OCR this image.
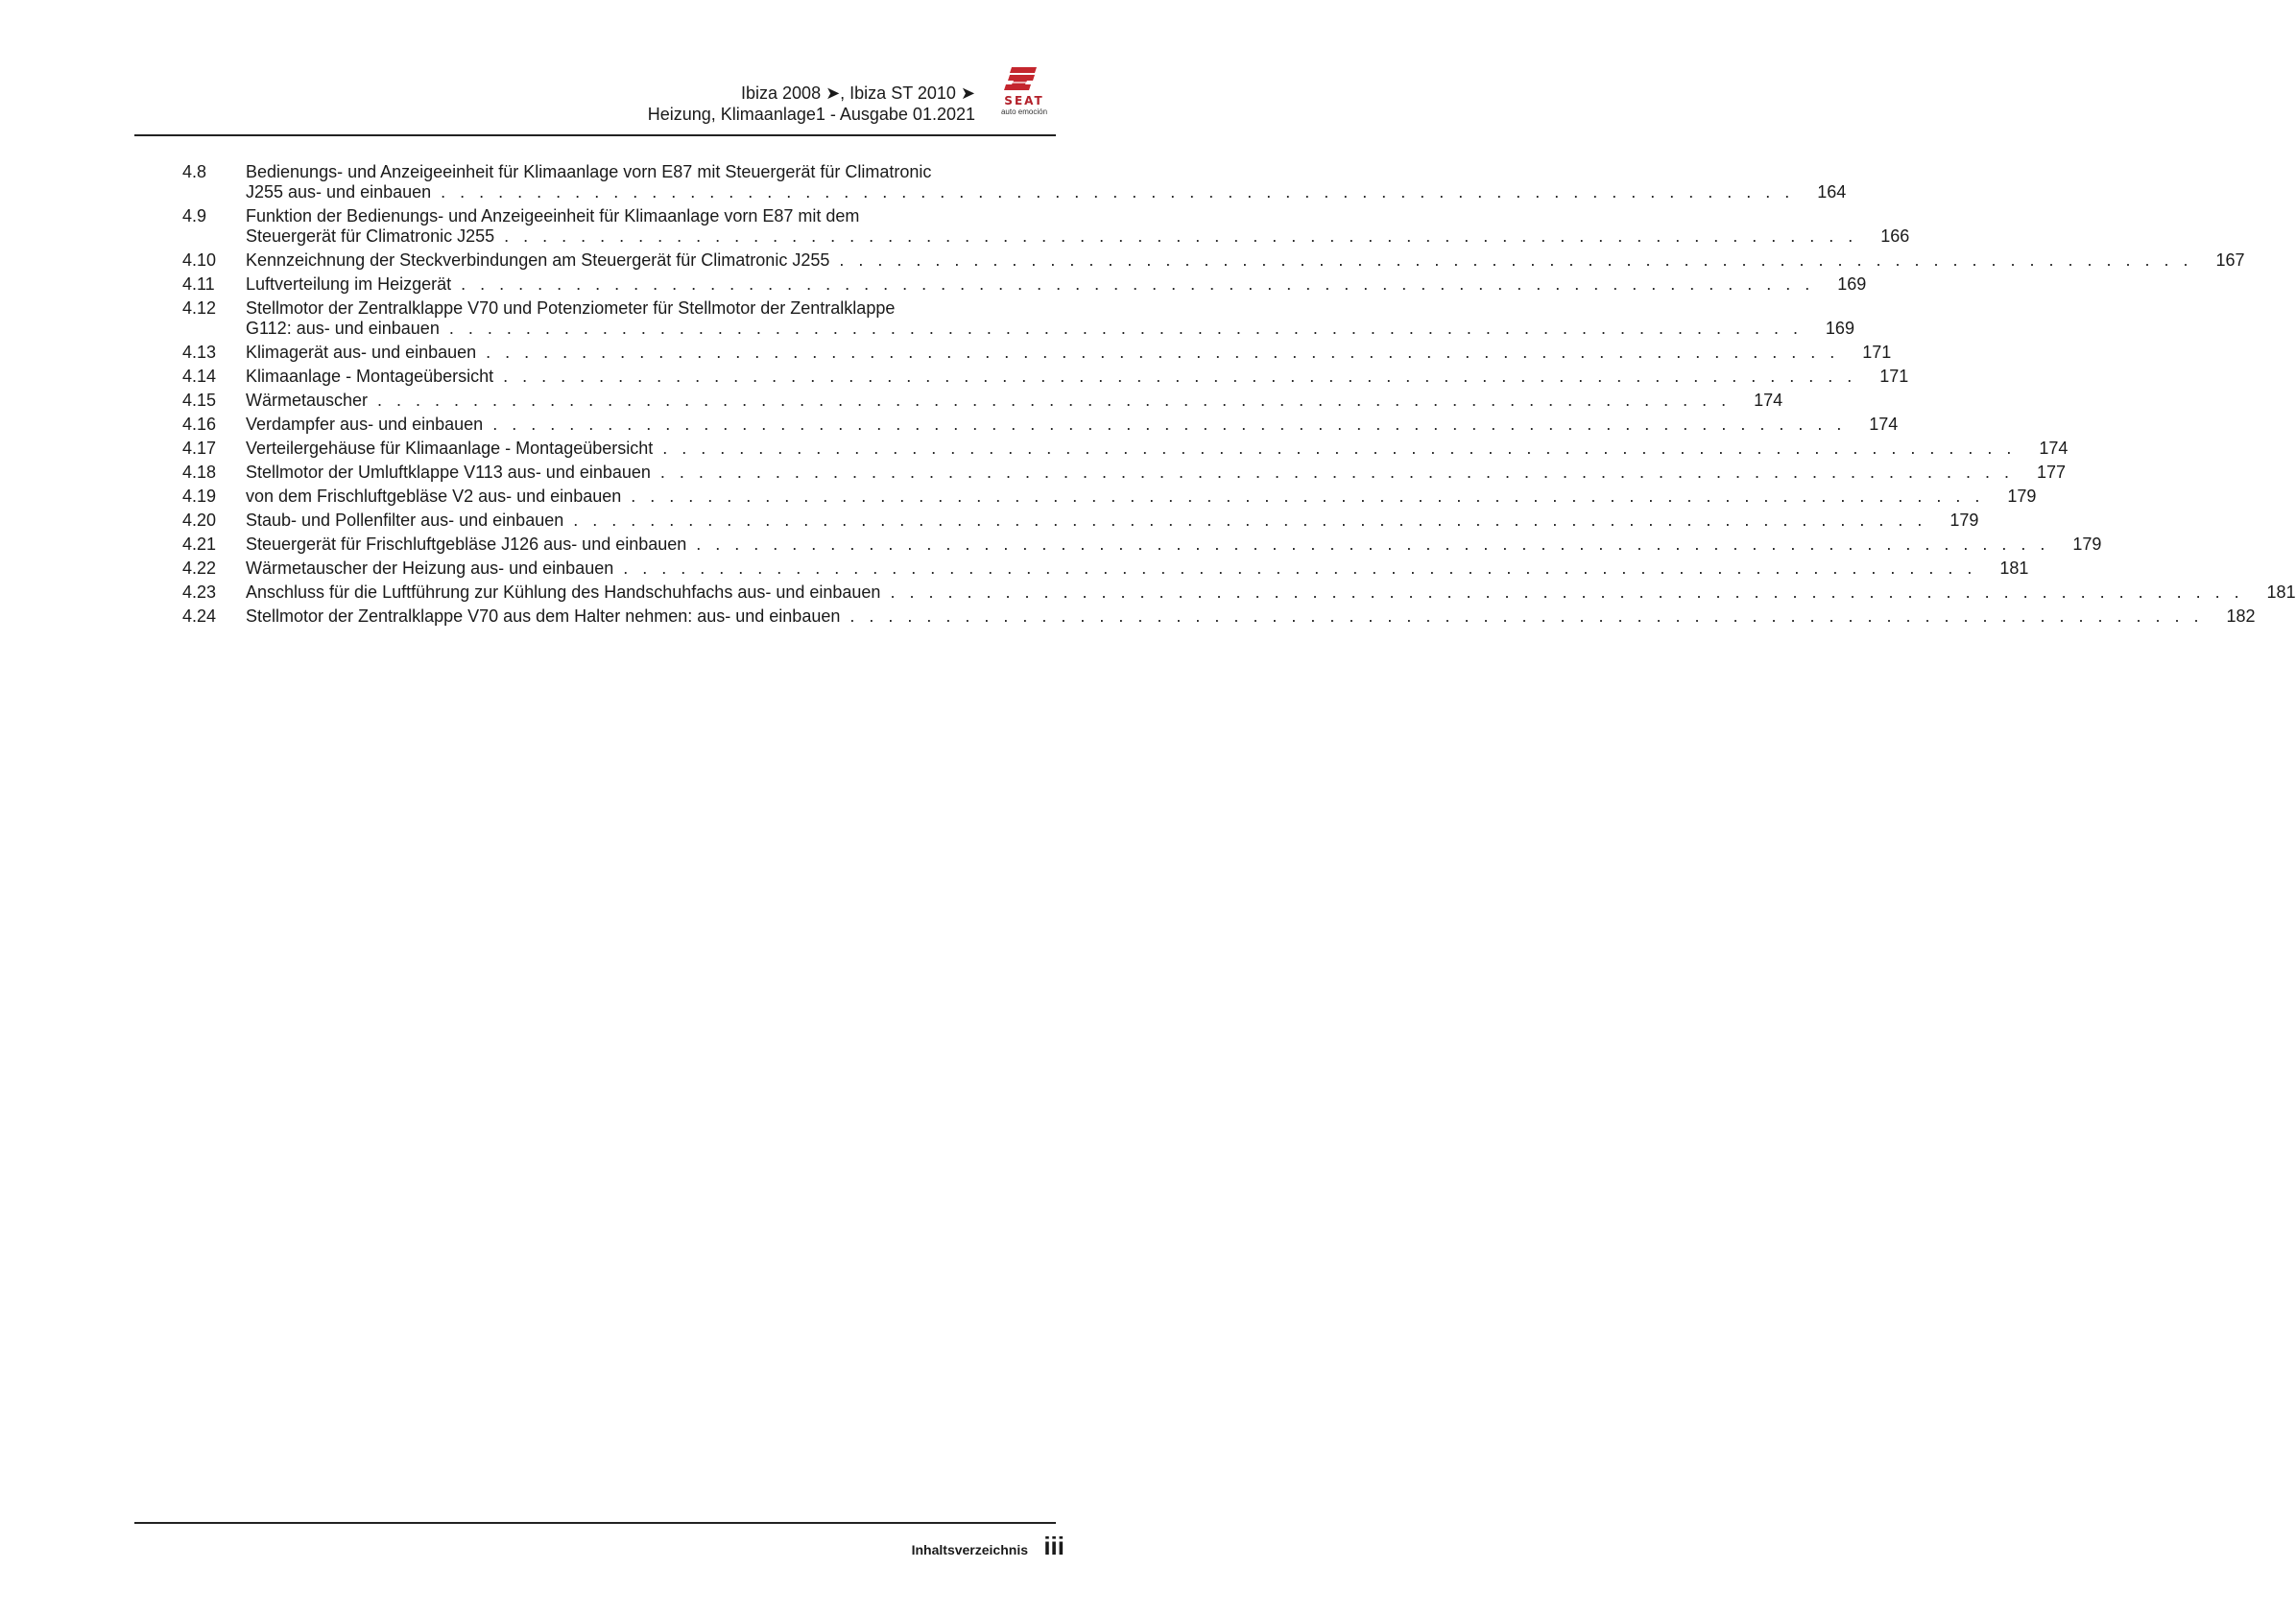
Ibiza 2008 ➤, Ibiza ST 2010 ➤
Heizung, Klimaanlage1 - Ausgabe 01.2021
SEAT
auto emoción
4.8	Bedienungs- und Anzeigeeinheit für Klimaanlage vorn E87 mit Steuergerät für Climatronic
J255 aus- und einbauen . . . . . . . . . . . . . . . . . . . . . . . . . . . . . . . . . . . . . . . . . . . . . . . . . . . . . . . . . . . . . . . . . . . . . . .	164
4.9	Funktion der Bedienungs- und Anzeigeeinheit für Klimaanlage vorn E87 mit dem
Steuergerät für Climatronic J255 . . . . . . . . . . . . . . . . . . . . . . . . . . . . . . . . . . . . . . . . . . . . . . . . . . . . . . . . . . . . . . . . . . . . . . .	166
4.10	Kennzeichnung der Steckverbindungen am Steuergerät für Climatronic J255 . . . . . . . . . . . . . . . . . . . . . . . . . . . . . . . . . . . . . . . . . . . . . . . . . . . . . . . . . . . . . . . . . . . . . . .	167
4.11	Luftverteilung im Heizgerät . . . . . . . . . . . . . . . . . . . . . . . . . . . . . . . . . . . . . . . . . . . . . . . . . . . . . . . . . . . . . . . . . . . . . . .	169
4.12	Stellmotor der Zentralklappe V70 und Potenziometer für Stellmotor der Zentralklappe
G112: aus- und einbauen . . . . . . . . . . . . . . . . . . . . . . . . . . . . . . . . . . . . . . . . . . . . . . . . . . . . . . . . . . . . . . . . . . . . . . .	169
4.13	Klimagerät aus- und einbauen . . . . . . . . . . . . . . . . . . . . . . . . . . . . . . . . . . . . . . . . . . . . . . . . . . . . . . . . . . . . . . . . . . . . . . .	171
4.14	Klimaanlage - Montageübersicht . . . . . . . . . . . . . . . . . . . . . . . . . . . . . . . . . . . . . . . . . . . . . . . . . . . . . . . . . . . . . . . . . . . . . . .	171
4.15	Wärmetauscher . . . . . . . . . . . . . . . . . . . . . . . . . . . . . . . . . . . . . . . . . . . . . . . . . . . . . . . . . . . . . . . . . . . . . . .	174
4.16	Verdampfer aus- und einbauen . . . . . . . . . . . . . . . . . . . . . . . . . . . . . . . . . . . . . . . . . . . . . . . . . . . . . . . . . . . . . . . . . . . . . . .	174
4.17	Verteilergehäuse für Klimaanlage - Montageübersicht . . . . . . . . . . . . . . . . . . . . . . . . . . . . . . . . . . . . . . . . . . . . . . . . . . . . . . . . . . . . . . . . . . . . . . .	174
4.18	Stellmotor der Umluftklappe V113 aus- und einbauen . . . . . . . . . . . . . . . . . . . . . . . . . . . . . . . . . . . . . . . . . . . . . . . . . . . . . . . . . . . . . . . . . . . . . . .	177
4.19	von dem Frischluftgebläse V2 aus- und einbauen . . . . . . . . . . . . . . . . . . . . . . . . . . . . . . . . . . . . . . . . . . . . . . . . . . . . . . . . . . . . . . . . . . . . . . .	179
4.20	Staub- und Pollenfilter aus- und einbauen . . . . . . . . . . . . . . . . . . . . . . . . . . . . . . . . . . . . . . . . . . . . . . . . . . . . . . . . . . . . . . . . . . . . . . .	179
4.21	Steuergerät für Frischluftgebläse J126 aus- und einbauen . . . . . . . . . . . . . . . . . . . . . . . . . . . . . . . . . . . . . . . . . . . . . . . . . . . . . . . . . . . . . . . . . . . . . . .	179
4.22	Wärmetauscher der Heizung aus- und einbauen . . . . . . . . . . . . . . . . . . . . . . . . . . . . . . . . . . . . . . . . . . . . . . . . . . . . . . . . . . . . . . . . . . . . . . .	181
4.23	Anschluss für die Luftführung zur Kühlung des Handschuhfachs aus- und einbauen . . . . . . . . . . . . . . . . . . . . . . . . . . . . . . . . . . . . . . . . . . . . . . . . . . . . . . . . . . . . . . . . . . . . . . .	181
4.24	Stellmotor der Zentralklappe V70 aus dem Halter nehmen: aus- und einbauen . . . . . . . . . . . . . . . . . . . . . . . . . . . . . . . . . . . . . . . . . . . . . . . . . . . . . . . . . . . . . . . . . . . . . . .	182
Inhaltsverzeichnis iii
